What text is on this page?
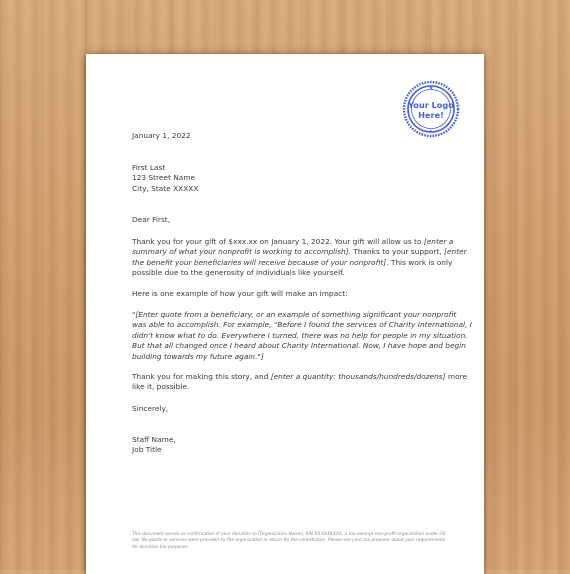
★
★
Your Logo
Here!
January 1, 2022
First Last
123 Street Name
City, State XXXXX
Dear First,
Thank you for your gift of $xxx.xx on January 1, 2022. Your gift will allow us to [enter a summary of what your nonprofit is working to accomplish]. Thanks to your support, [enter the benefit your beneficiaries will receive because of your nonprofit]. This work is only possible due to the generosity of individuals like yourself.
Here is one example of how your gift will make an impact:
"[Enter quote from a beneficiary, or an example of something significant your nonprofit was able to accomplish. For example, "Before I found the services of Charity International, I didn't know what to do. Everywhere I turned, there was no help for people in my situation. But that all changed once I heard about Charity International. Now, I have hope and begin building towards my future again."]
Thank you for making this story, and [enter a quantity: thousands/hundreds/dozens] more like it, possible.
Sincerely,
Staff Name,
Job Title
This document serves as confirmation of your donation to [Organization Name], EIN XX-XXXXXXX, a tax-exempt non-profit organization under US law. No goods or services were provided by the organization in return for the contribution. Please see your tax preparer about your requirements for donation tax purposes.
